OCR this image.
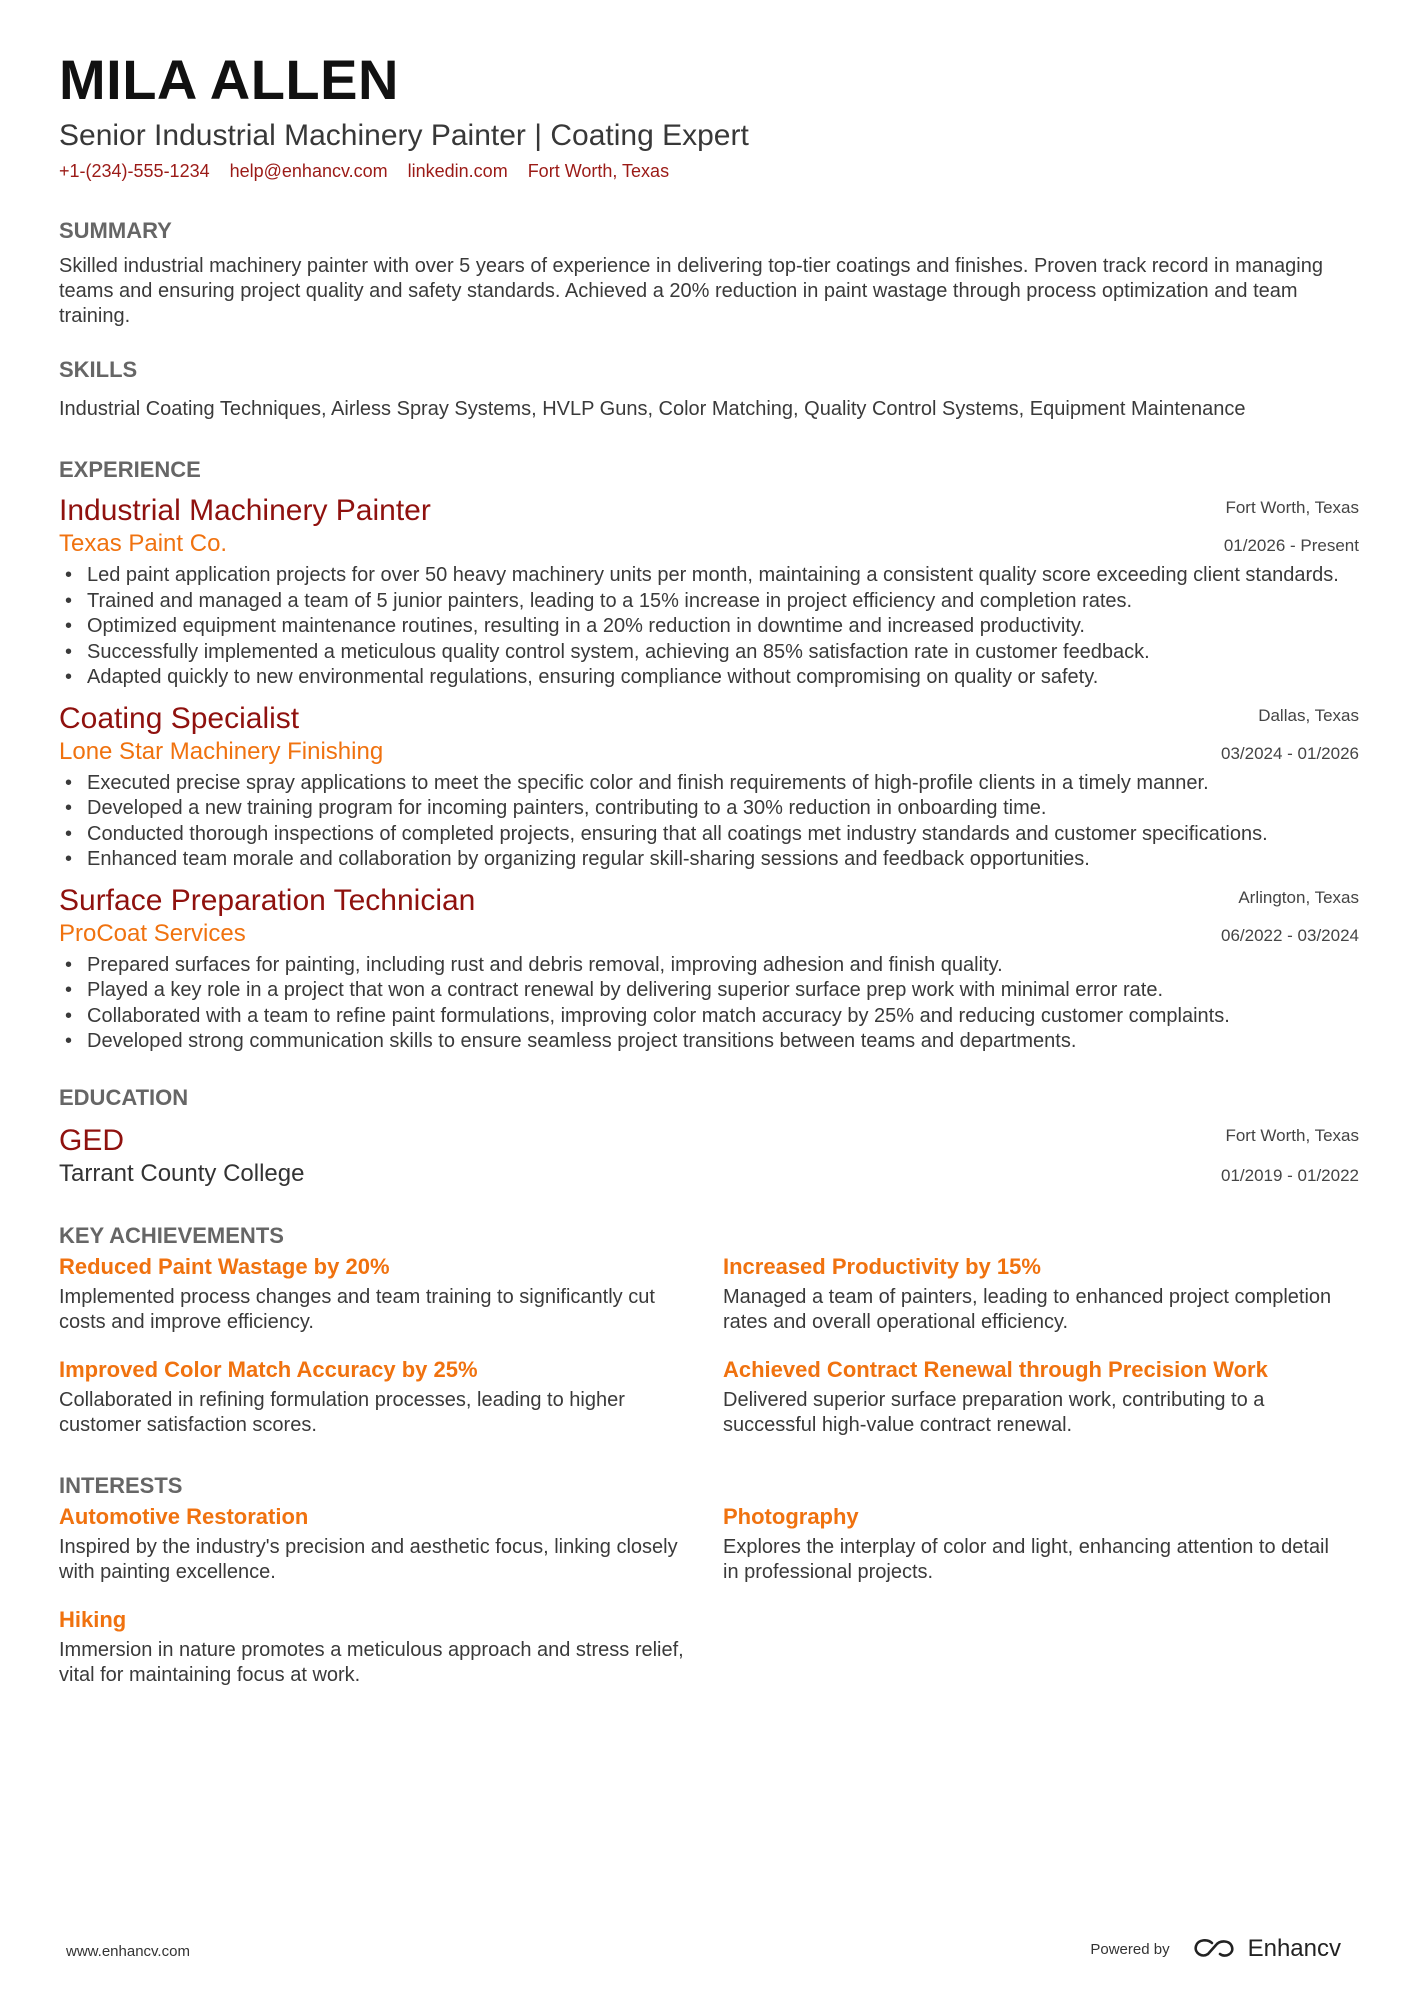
MILA ALLEN
Senior Industrial Machinery Painter | Coating Expert
+1-(234)-555-1234 help@enhancv.com linkedin.com Fort Worth, Texas
SUMMARY
Skilled industrial machinery painter with over 5 years of experience in delivering top-tier coatings and finishes. Proven track record in managing teams and ensuring project quality and safety standards. Achieved a 20% reduction in paint wastage through process optimization and team training.
SKILLS
Industrial Coating Techniques, Airless Spray Systems, HVLP Guns, Color Matching, Quality Control Systems, Equipment Maintenance
EXPERIENCE
Industrial Machinery Painter	Fort Worth, Texas
Texas Paint Co.	01/2026 - Present
• Led paint application projects for over 50 heavy machinery units per month, maintaining a consistent quality score exceeding client standards.
• Trained and managed a team of 5 junior painters, leading to a 15% increase in project efficiency and completion rates.
• Optimized equipment maintenance routines, resulting in a 20% reduction in downtime and increased productivity.
• Successfully implemented a meticulous quality control system, achieving an 85% satisfaction rate in customer feedback.
• Adapted quickly to new environmental regulations, ensuring compliance without compromising on quality or safety.
Coating Specialist	Dallas, Texas
Lone Star Machinery Finishing	03/2024 - 01/2026
• Executed precise spray applications to meet the specific color and finish requirements of high-profile clients in a timely manner.
• Developed a new training program for incoming painters, contributing to a 30% reduction in onboarding time.
• Conducted thorough inspections of completed projects, ensuring that all coatings met industry standards and customer specifications.
• Enhanced team morale and collaboration by organizing regular skill-sharing sessions and feedback opportunities.
Surface Preparation Technician	Arlington, Texas
ProCoat Services	06/2022 - 03/2024
• Prepared surfaces for painting, including rust and debris removal, improving adhesion and finish quality.
• Played a key role in a project that won a contract renewal by delivering superior surface prep work with minimal error rate.
• Collaborated with a team to refine paint formulations, improving color match accuracy by 25% and reducing customer complaints.
• Developed strong communication skills to ensure seamless project transitions between teams and departments.
EDUCATION
GED	Fort Worth, Texas
Tarrant County College	01/2019 - 01/2022
KEY ACHIEVEMENTS
Reduced Paint Wastage by 20%
Implemented process changes and team training to significantly cut costs and improve efficiency.
Increased Productivity by 15%
Managed a team of painters, leading to enhanced project completion rates and overall operational efficiency.
Improved Color Match Accuracy by 25%
Collaborated in refining formulation processes, leading to higher customer satisfaction scores.
Achieved Contract Renewal through Precision Work
Delivered superior surface preparation work, contributing to a successful high-value contract renewal.
INTERESTS
Automotive Restoration
Inspired by the industry's precision and aesthetic focus, linking closely with painting excellence.
Photography
Explores the interplay of color and light, enhancing attention to detail in professional projects.
Hiking
Immersion in nature promotes a meticulous approach and stress relief, vital for maintaining focus at work.
www.enhancv.com	Powered by	Enhancv
